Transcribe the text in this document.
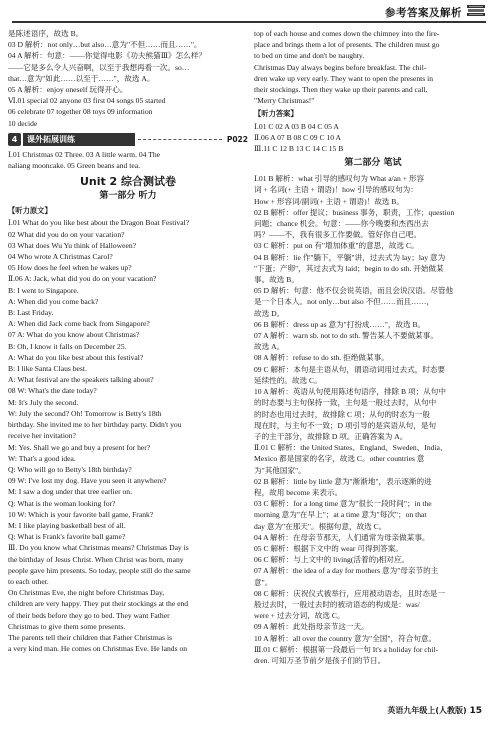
参考答案及解析
是陈述语序，故选 B。
03 D 解析：not only…but also…意为"不但……而且……"。
04 A 解析：句意：——你觉得电影《功夫熊猫Ⅲ》怎么样？
——它是多么令人兴奋啊，以至于我想再看一次。so…
that…意为"如此……以至于……"，故选 A。
05 A 解析：enjoy oneself 玩得开心。
Ⅵ.01 special 02 anyone 03 first 04 songs 05 started
06 celebrate 07 together 08 toys 09 information
10 decide
4	课外拓展训练	P022
Ⅰ.01 Christmas 02 Three. 03 A little warm. 04 The
naliang mooncake. 05 Green beans and tea.
Unit 2 综合测试卷
第一部分 听力
【听力原文】
Ⅰ.01 What do you like best about the Dragon Boat Festival?
02 What did you do on your vacation?
03 What does Wu Yu think of Halloween?
04 Who wrote A Christmas Carol?
05 How does he feel when he wakes up?
Ⅱ.06 A: Jack, what did you do on your vacation?
B: I went to Singapore.
A: When did you come back?
B: Last Friday.
A: When did Jack come back from Singapore?
07 A: What do you know about Christmas?
B: Oh, I know it falls on December 25.
A: What do you like best about this festival?
B: I like Santa Claus best.
A: What festival are the speakers talking about?
08 W: What's the date today?
M: It's July the second.
W: July the second? Oh! Tomorrow is Betty's 18th
birthday. She invited me to her birthday party. Didn't you
receive her invitation?
M: Yes. Shall we go and buy a present for her?
W: That's a good idea.
Q: Who will go to Betty's 18th birthday?
09 W: I've lost my dog. Have you seen it anywhere?
M: I saw a dog under that tree earlier on.
Q: What is the woman looking for?
10 W: Which is your favorite ball game, Frank?
M: I like playing basketball best of all.
Q: What is Frank's favorite ball game?
Ⅲ. Do you know what Christmas means? Christmas Day is
the birthday of Jesus Christ. When Christ was born, many
people gave him presents. So today, people still do the same
to each other.
On Christmas Eve, the night before Christmas Day,
children are very happy. They put their stockings at the end
of their beds before they go to bed. They want Father
Christmas to give them some presents.
The parents tell their children that Father Christmas is
a very kind man. He comes on Christmas Eve. He lands on
top of each house and comes down the chimney into the fire-
place and brings them a lot of presents. The children must go
to bed on time and don't be naughty.
Christmas Day always begins before breakfast. The chil-
dren wake up very early. They want to open the presents in
their stockings. Then they wake up their parents and call,
"Merry Christmas!"
【听力答案】
Ⅰ.01 C 02 A 03 B 04 C 05 A
Ⅱ.06 A 07 B 08 C 09 C 10 A
Ⅲ.11 C 12 B 13 C 14 C 15 B
第二部分 笔试
Ⅰ.01 B 解析：what 引导的感叹句为 What a/an + 形容
词 + 名词(+ 主语 + 谓语)！how 引导的感叹句为：
How + 形容词/副词(+ 主语 + 谓语)！故选 B。
02 B 解析：offer 提议；business 事务，职责，工作；question
问题；chance 机会。句意：——你今晚要和杰西出去
吗？——不，我有很多工作要做。管好你自己吧。
03 C 解析：put on 有"增加体重"的意思，故选 C。
04 B 解析：lie 作"躺下，平躺"讲，过去式为 lay；lay 意为
"下蛋；产卵"，其过去式为 laid；begin to do sth. 开始做某
事。故选 B。
05 D 解析：句意：他不仅会说英语，而且会说汉语。尽管他
是一个日本人。not only…but also 不但……而且……，
故选 D。
06 B 解析：dress up as 意为"打扮成……"，故选 B。
07 A 解析：warn sb. not to do sth. 警告某人不要做某事。
故选 A。
08 A 解析：refuse to do sth. 拒绝做某事。
09 C 解析：本句是主语从句，谓语动词用过去式，时态要
延续性的。故选 C。
10 A 解析：英语从句使用陈述句语序，排除 B 项；从句中
的时态要与主句保持一致，主句是一般过去时，从句中
的时态也用过去时，故排除 C 项；从句的时态为一般
现在时，与主句不一致；D 项引导的是宾语从句，是句
子的主干部分，故排除 D 项。正确答案为 A。
Ⅱ.01 C 解析：the United States、England、Sweden、India、
Mexico 都是国家的名字，故选 C。other countries 意
为"其他国家"。
02 B 解析：little by little 意为"渐渐地"，表示逐渐的进
程，故用 become 来表示。
03 C 解析：for a long time 意为"很长一段时间"；in the
morning 意为"在早上"；at a time 意为"每次"；on that
day 意为"在那天"。根据句意，故选 C。
04 A 解析：在母亲节那天，人们通常为母亲做某事。
05 C 解析：根据下文中的 wear 可得到答案。
06 C 解析：与上文中的 living(活着的)相对应。
07 A 解析：the idea of a day for mothers 意为"母亲节的主
意"。
08 C 解析：庆祝仪式被举行，应用被动语态，且时态是一
般过去时，一般过去时的被动语态的构成是：was/
were + 过去分词，故选 C。
09 A 解析：此处指母亲节这一天。
10 A 解析：all over the country 意为"全国"，符合句意。
Ⅲ.01 C 解析：根据第一段最后一句 It's a holiday for chil-
dren. 可知万圣节前夕是孩子们的节日。
英语九年级上(人教版) 15
